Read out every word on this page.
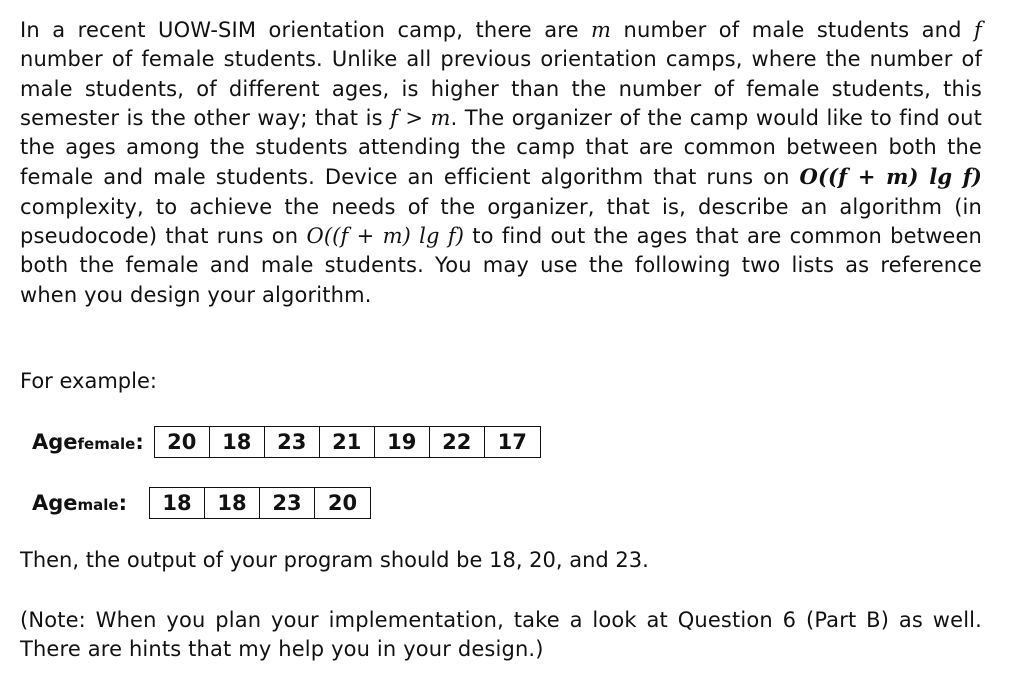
In a recent UOW-SIM orientation camp, there are m number of male students and f number of female students. Unlike all previous orientation camps, where the number of male students, of different ages, is higher than the number of female students, this semester is the other way; that is f > m. The organizer of the camp would like to find out the ages among the students attending the camp that are common between both the female and male students. Device an efficient algorithm that runs on O((f + m) lg f) complexity, to achieve the needs of the organizer, that is, describe an algorithm (in pseudocode) that runs on O((f + m) lg f) to find out the ages that are common between both the female and male students. You may use the following two lists as reference when you design your algorithm.

For example:

Age female :	20	18	23	21	19	22	17
Age male :	18	18	23	20

Then, the output of your program should be 18, 20, and 23.

(Note: When you plan your implementation, take a look at Question 6 (Part B) as well. There are hints that my help you in your design.)
